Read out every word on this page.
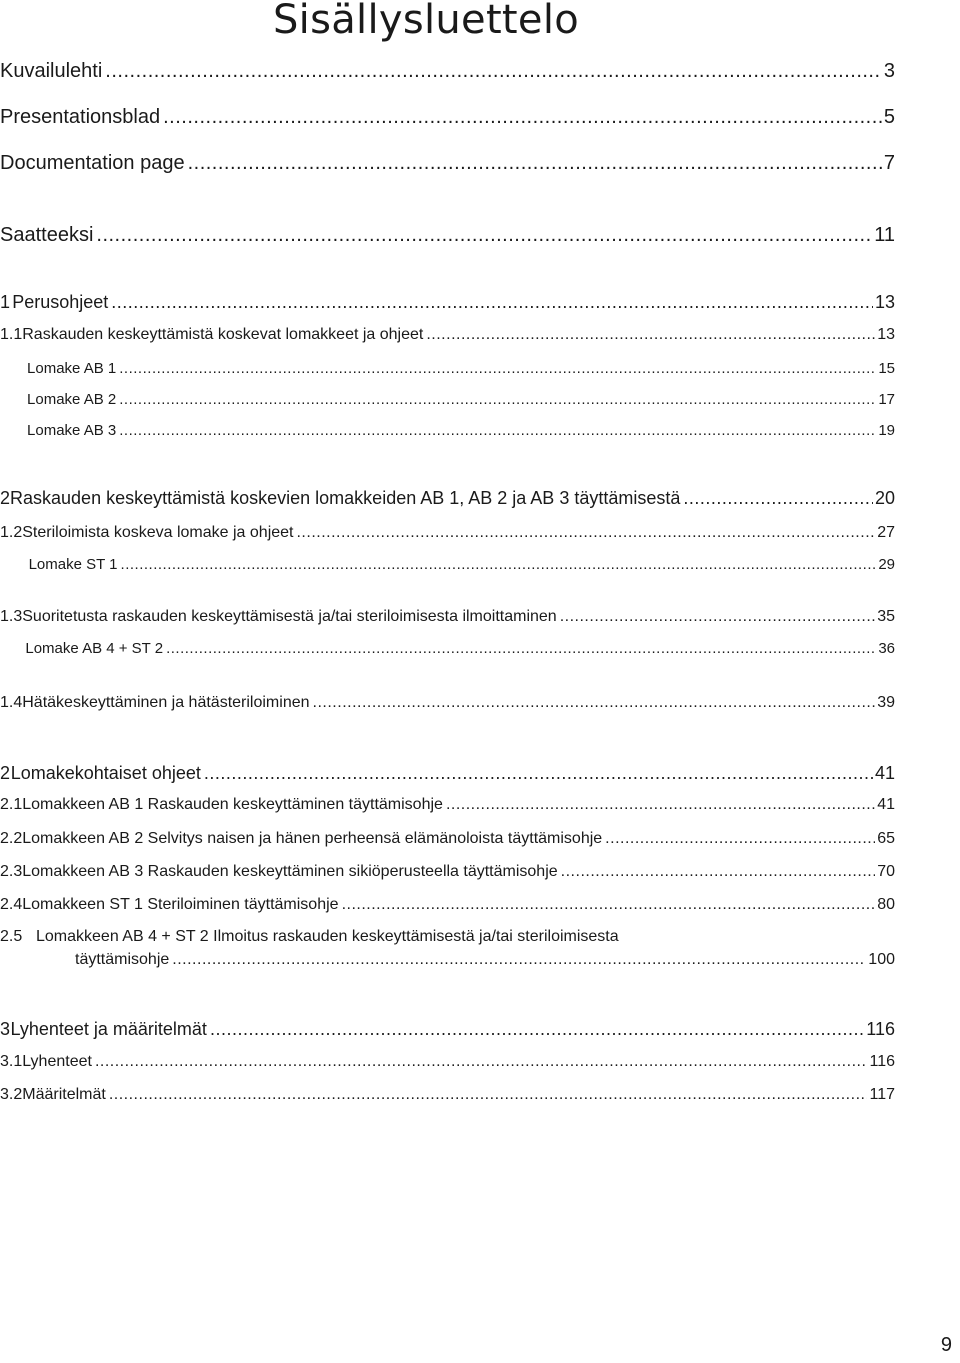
Sisällysluettelo
Kuvailulehti .....	3
Presentationsblad .....	5
Documentation page .....	7
Saatteeksi .....	11
1 Perusohjeet .....	13
1.1 Raskauden keskeyttämistä koskevat lomakkeet ja ohjeet .....	13
Lomake AB 1 .....	15
Lomake AB 2 .....	17
Lomake AB 3 .....	19
2 Raskauden keskeyttämistä koskevien lomakkeiden AB 1, AB 2 ja AB 3 täyttämisestä .....	20
1.2 Steriloimista koskeva lomake ja ohjeet .....	27
Lomake ST 1 .....	29
1.3 Suoritetusta raskauden keskeyttämisestä ja/tai steriloimisesta ilmoittaminen .....	35
Lomake AB 4 + ST 2 .....	36
1.4 Hätäkeskeyttäminen ja hätästeriloiminen .....	39
2 Lomakekohtaiset ohjeet .....	41
2.1 Lomakkeen AB 1 Raskauden keskeyttäminen täyttämisohje .....	41
2.2 Lomakkeen AB 2 Selvitys naisen ja hänen perheensä elämänoloista täyttämisohje .....	65
2.3 Lomakkeen AB 3 Raskauden keskeyttäminen sikiöperusteella täyttämisohje .....	70
2.4 Lomakkeen ST 1 Steriloiminen täyttämisohje .....	80
2.5 Lomakkeen AB 4 + ST 2 Ilmoitus raskauden keskeyttämisestä ja/tai steriloimisesta
täyttämisohje .....	100
3 Lyhenteet ja määritelmät .....	116
3.1 Lyhenteet .....	116
3.2 Määritelmät .....	117
9
